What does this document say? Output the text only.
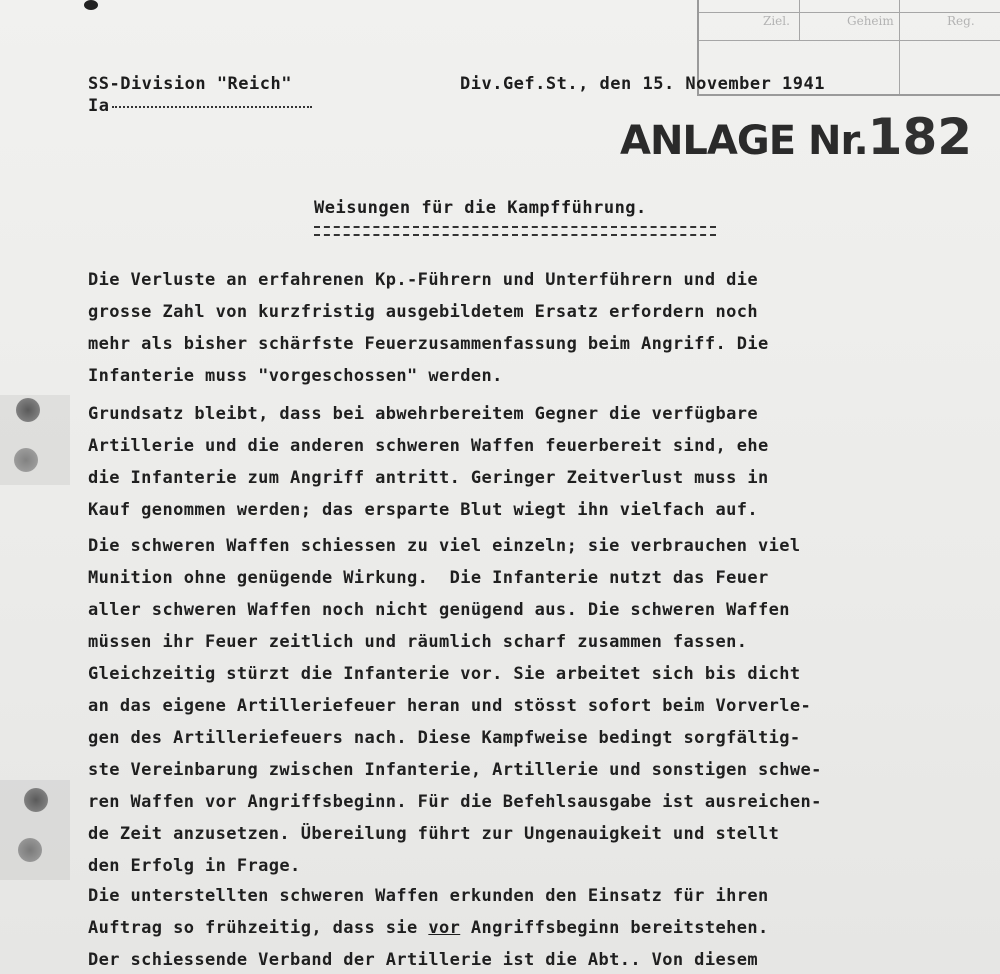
Ziel.	Geheim	Reg.
SS-Division "Reich"
Ia
Div.Gef.St., den 15. November 1941
ANLAGE Nr.182
Weisungen für die Kampfführung.
Die Verluste an erfahrenen Kp.-Führern und Unterführern und die
grosse Zahl von kurzfristig ausgebildetem Ersatz erfordern noch
mehr als bisher schärfste Feuerzusammenfassung beim Angriff. Die
Infanterie muss "vorgeschossen" werden.
Grundsatz bleibt, dass bei abwehrbereitem Gegner die verfügbare
Artillerie und die anderen schweren Waffen feuerbereit sind, ehe
die Infanterie zum Angriff antritt. Geringer Zeitverlust muss in
Kauf genommen werden; das ersparte Blut wiegt ihn vielfach auf.
Die schweren Waffen schiessen zu viel einzeln; sie verbrauchen viel
Munition ohne genügende Wirkung.  Die Infanterie nutzt das Feuer
aller schweren Waffen noch nicht genügend aus. Die schweren Waffen
müssen ihr Feuer zeitlich und räumlich scharf zusammen fassen.
Gleichzeitig stürzt die Infanterie vor. Sie arbeitet sich bis dicht
an das eigene Artilleriefeuer heran und stösst sofort beim Vorverle-
gen des Artilleriefeuers nach. Diese Kampfweise bedingt sorgfältig-
ste Vereinbarung zwischen Infanterie, Artillerie und sonstigen schwe-
ren Waffen vor Angriffsbeginn. Für die Befehlsausgabe ist ausreichen-
de Zeit anzusetzen. Übereilung führt zur Ungenauigkeit und stellt
den Erfolg in Frage.
Die unterstellten schweren Waffen erkunden den Einsatz für ihren
Auftrag so frühzeitig, dass sie vor Angriffsbeginn bereitstehen.
Der schiessende Verband der Artillerie ist die Abt.. Von diesem
